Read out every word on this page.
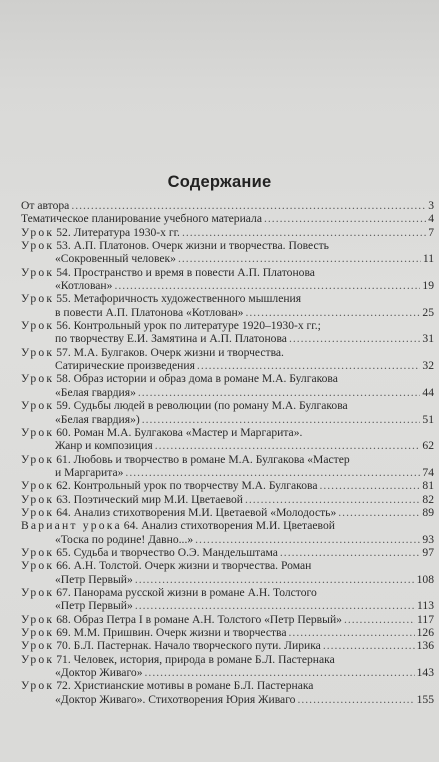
Содержание
От автора .....	3
Тематическое планирование учебного материала .....	4
Урок 52. Литература 1930-х гг. .....	7
Урок 53. А.П. Платонов. Очерк жизни и творчества. Повесть
«Сокровенный человек» .....	11
Урок 54. Пространство и время в повести А.П. Платонова
«Котлован» .....	19
Урок 55. Метафоричность художественного мышления
в повести А.П. Платонова «Котлован» .....	25
Урок 56. Контрольный урок по литературе 1920–1930-х гг.;
по творчеству Е.И. Замятина и А.П. Платонова .....	31
Урок 57. М.А. Булгаков. Очерк жизни и творчества.
Сатирические произведения .....	32
Урок 58. Образ истории и образ дома в романе М.А. Булгакова
«Белая гвардия» .....	44
Урок 59. Судьбы людей в революции (по роману М.А. Булгакова
«Белая гвардия») .....	51
Урок 60. Роман М.А. Булгакова «Мастер и Маргарита».
Жанр и композиция .....	62
Урок 61. Любовь и творчество в романе М.А. Булгакова «Мастер
и Маргарита» .....	74
Урок 62. Контрольный урок по творчеству М.А. Булгакова .....	81
Урок 63. Поэтический мир М.И. Цветаевой .....	82
Урок 64. Анализ стихотворения М.И. Цветаевой «Молодость» .....	89
Вариант урока 64. Анализ стихотворения М.И. Цветаевой
«Тоска по родине! Давно...» .....	93
Урок 65. Судьба и творчество О.Э. Мандельштама .....	97
Урок 66. А.Н. Толстой. Очерк жизни и творчества. Роман
«Петр Первый» .....	108
Урок 67. Панорама русской жизни в романе А.Н. Толстого
«Петр Первый» .....	113
Урок 68. Образ Петра I в романе А.Н. Толстого «Петр Первый» .....	117
Урок 69. М.М. Пришвин. Очерк жизни и творчества .....	126
Урок 70. Б.Л. Пастернак. Начало творческого пути. Лирика .....	136
Урок 71. Человек, история, природа в романе Б.Л. Пастернака
«Доктор Живаго» .....	143
Урок 72. Христианские мотивы в романе Б.Л. Пастернака
«Доктор Живаго». Стихотворения Юрия Живаго .....	155
